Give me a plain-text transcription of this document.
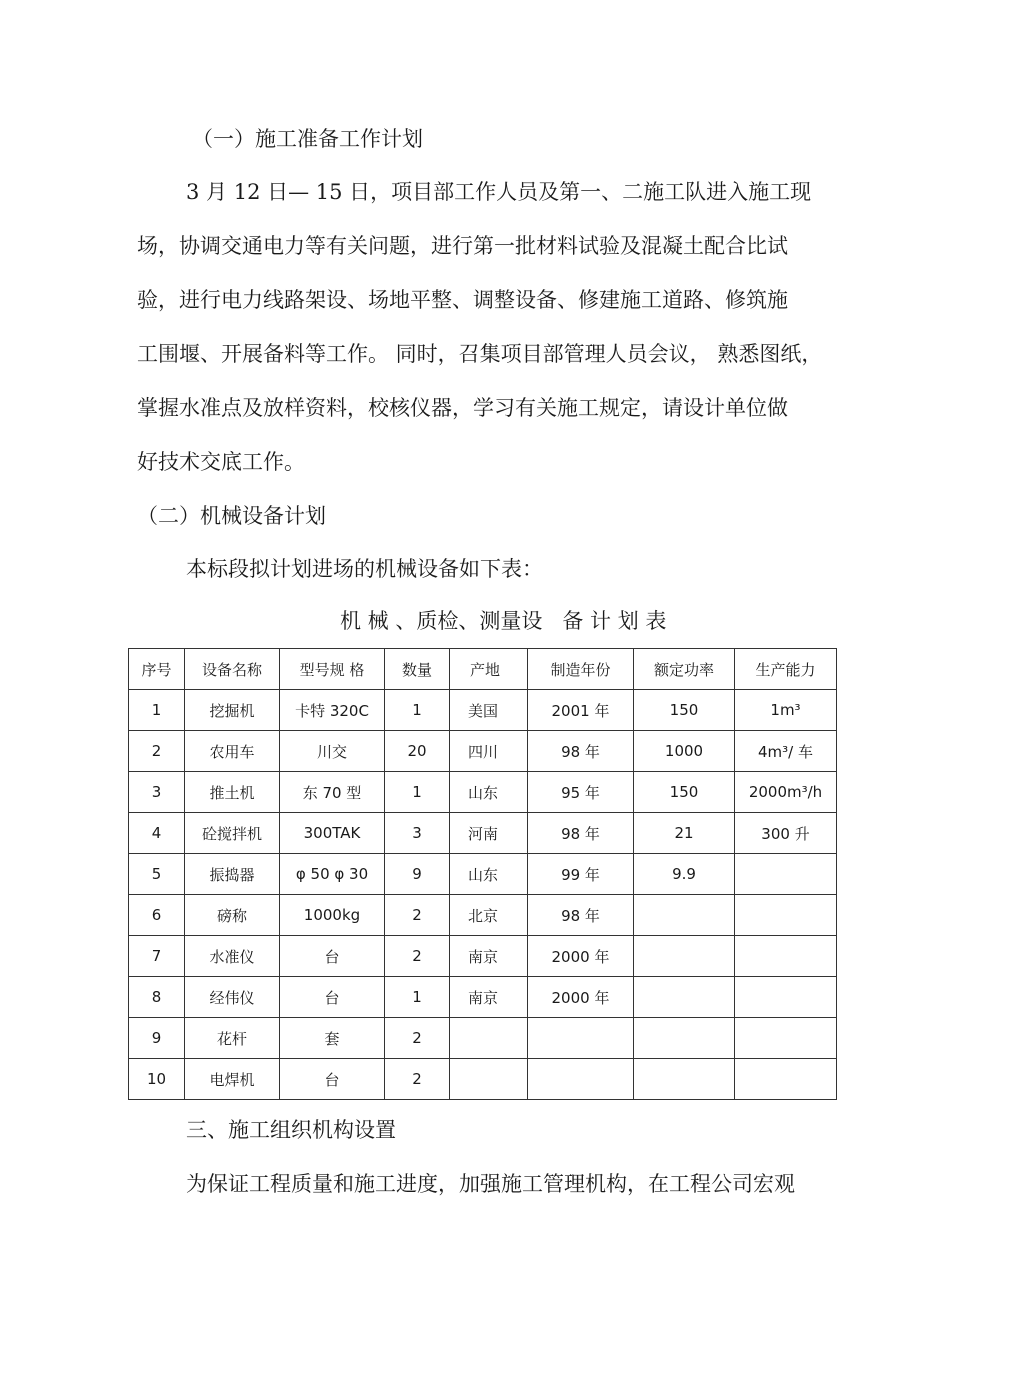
（一）施工准备工作计划
3 月 12 日— 15 日，项目部工作人员及第一、二施工队进入施工现
场，协调交通电力等有关问题，进行第一批材料试验及混凝土配合比试
验，进行电力线路架设、场地平整、调整设备、修建施工道路、修筑施
工围堰、开展备料等工作。 同时，召集项目部管理人员会议， 熟悉图纸，
掌握水准点及放样资料，校核仪器，学习有关施工规定，请设计单位做
好技术交底工作。
（二）机械设备计划
本标段拟计划进场的机械设备如下表：
机 械 、质检、测量设   备 计 划 表
序号	设备名称	型号规 格	数量	产地	制造年份	额定功率	生产能力
1	挖掘机	卡特 320C	1	美国	2001 年	150	1m³
2	农用车	川交	20	四川	98 年	1000	4m³/ 车
3	推土机	东 70 型	1	山东	95 年	150	2000m³/h
4	砼搅拌机	300TAK	3	河南	98 年	21	300 升
5	振捣器	φ 50 φ 30	9	山东	99 年	9.9	
6	磅称	1000kg	2	北京	98 年		
7	水准仪	台	2	南京	2000 年		
8	经伟仪	台	1	南京	2000 年		
9	花杆	套	2				
10	电焊机	台	2				
三、施工组织机构设置
为保证工程质量和施工进度，加强施工管理机构，在工程公司宏观
